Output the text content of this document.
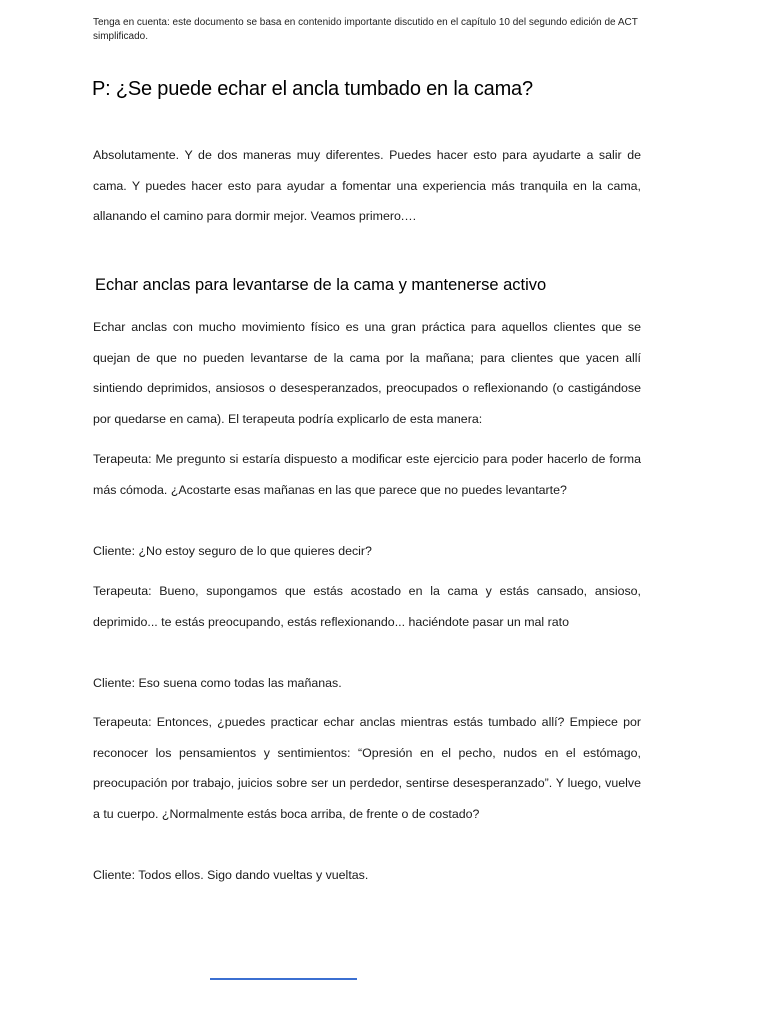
Tenga en cuenta: este documento se basa en contenido importante discutido en el capítulo 10 del segundo edición de ACT simplificado.
P: ¿Se puede echar el ancla tumbado en la cama?

Absolutamente. Y de dos maneras muy diferentes. Puedes hacer esto para ayudarte a salir de cama. Y puedes hacer esto para ayudar a fomentar una experiencia más tranquila en la cama, allanando el camino para dormir mejor. Veamos primero.…

Echar anclas para levantarse de la cama y mantenerse activo

Echar anclas con mucho movimiento físico es una gran práctica para aquellos clientes que se quejan de que no pueden levantarse de la cama por la mañana; para clientes que yacen allí sintiendo deprimidos, ansiosos o desesperanzados, preocupados o reflexionando (o castigándose por quedarse en cama). El terapeuta podría explicarlo de esta manera:

Terapeuta: Me pregunto si estaría dispuesto a modificar este ejercicio para poder hacerlo de forma más cómoda. ¿Acostarte esas mañanas en las que parece que no puedes levantarte?

Cliente: ¿No estoy seguro de lo que quieres decir?

Terapeuta: Bueno, supongamos que estás acostado en la cama y estás cansado, ansioso, deprimido... te estás preocupando, estás reflexionando... haciéndote pasar un mal rato

Cliente: Eso suena como todas las mañanas.

Terapeuta: Entonces, ¿puedes practicar echar anclas mientras estás tumbado allí? Empiece por reconocer los pensamientos y sentimientos: “Opresión en el pecho, nudos en el estómago, preocupación por trabajo, juicios sobre ser un perdedor, sentirse desesperanzado”. Y luego, vuelve a tu cuerpo. ¿Normalmente estás boca arriba, de frente o de costado?

Cliente: Todos ellos. Sigo dando vueltas y vueltas.
